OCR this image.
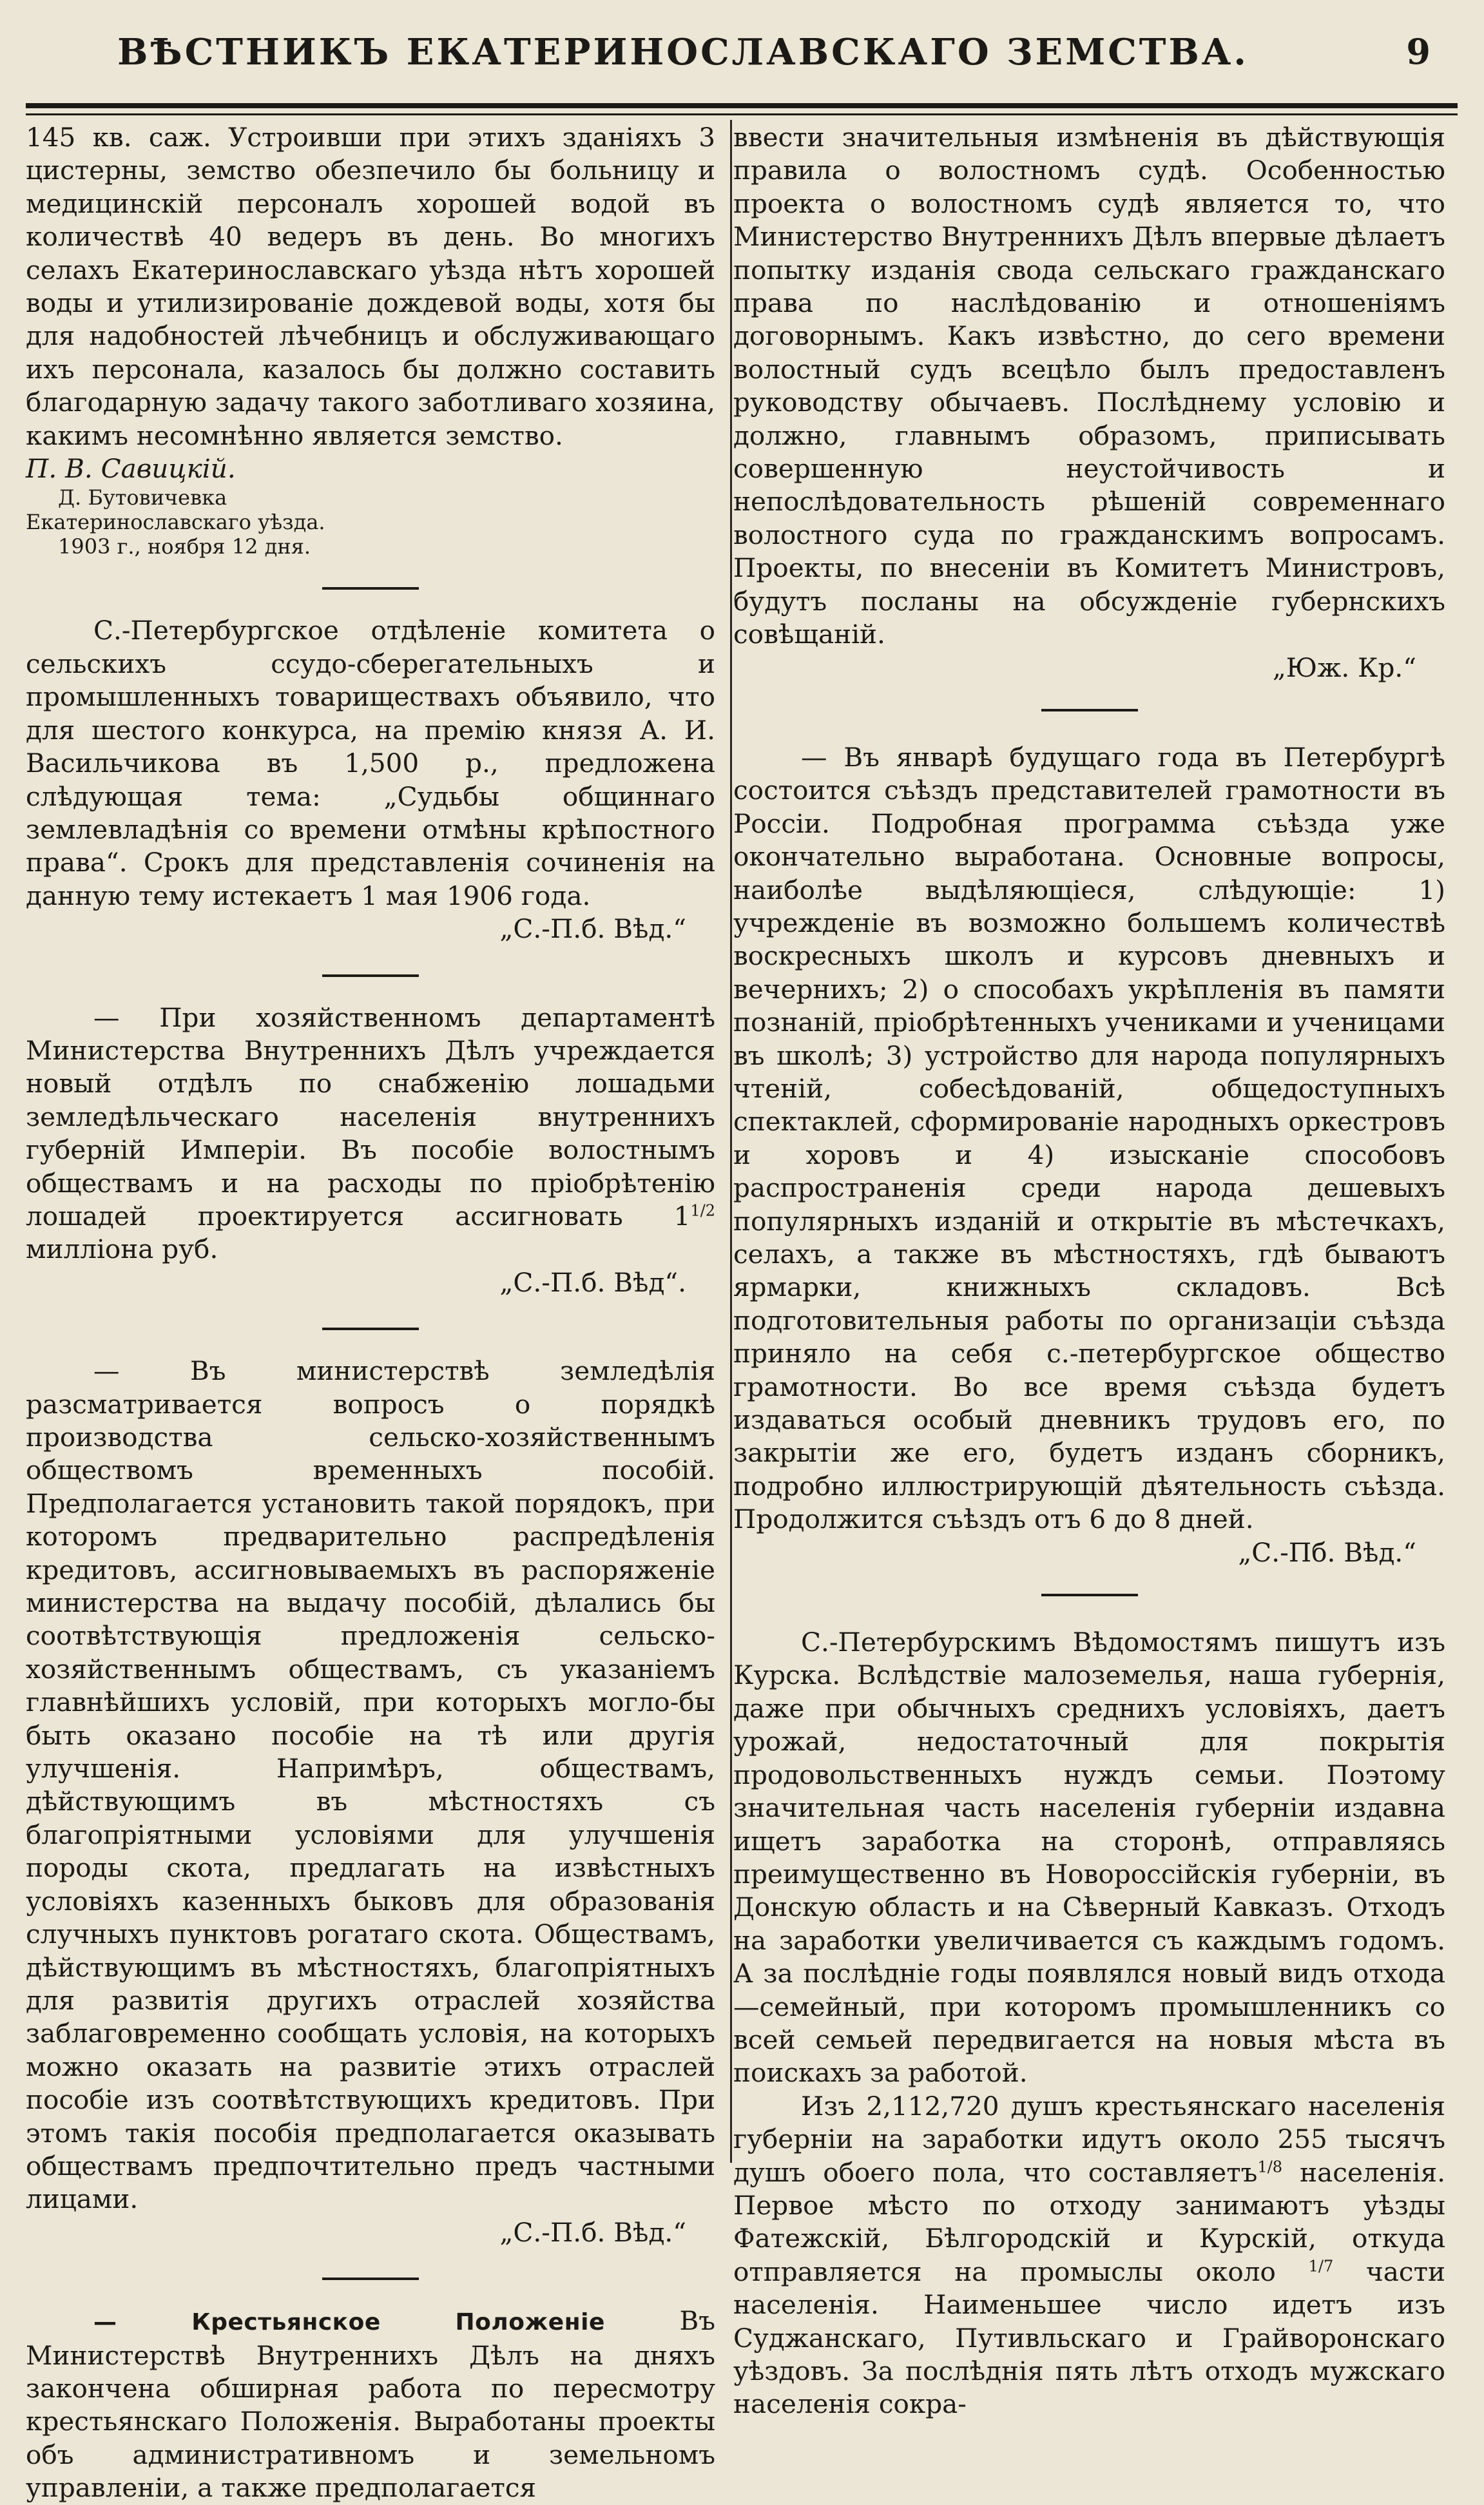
ВѢСТНИКЪ ЕКАТЕРИНОСЛАВСКАГО ЗЕМСТВА.	9

145 кв. саж. Устроивши при этихъ зданіяхъ 3 цистерны, земство обезпечило бы больницу и медицинскій персоналъ хорошей водой въ количествѣ 40 ведеръ въ день. Во многихъ селахъ Екатеринославскаго уѣзда нѣтъ хорошей воды и утилизированіе дождевой воды, хотя бы для надобностей лѣчебницъ и обслуживающаго ихъ персонала, казалось бы должно составить благодарную задачу такого заботливаго хозяина, какимъ несомнѣнно является земство.

П. В. Савицкій.

Д. Бутовичевка

Екатеринославскаго уѣзда.

1903 г., ноября 12 дня.

С.-Петербургское отдѣленіе комитета о сельскихъ ссудо-сберегательныхъ и промышленныхъ товариществахъ объявило, что для шестого конкурса, на премію князя А. И. Васильчикова въ 1,500 р., предложена слѣдующая тема: „Судьбы общиннаго землевладѣнія со времени отмѣны крѣпостного права“. Срокъ для представленія сочиненія на данную тему истекаетъ 1 мая 1906 года.

„С.-П.б. Вѣд.“

— При хозяйственномъ департаментѣ Министерства Внутреннихъ Дѣлъ учреждается новый отдѣлъ по снабженію лошадьми земледѣльческаго населенія внутреннихъ губерній Имперіи. Въ пособіе волостнымъ обществамъ и на расходы по пріобрѣтенію лошадей проектируется ассигновать $1^{1/2}$ милліона руб.

„С.-П.б. Вѣд“.

— Въ министерствѣ земледѣлія разсматривается вопросъ о порядкѣ производства сельско-хозяйственнымъ обществомъ временныхъ пособій. Предполагается установить такой порядокъ, при которомъ предварительно распредѣленія кредитовъ, ассигновываемыхъ въ распоряженіе министерства на выдачу пособій, дѣлались бы соотвѣтствующія предложенія сельско-хозяйственнымъ обществамъ, съ указаніемъ главнѣйшихъ условій, при которыхъ могло-бы быть оказано пособіе на тѣ или другія улучшенія. Напримѣръ, обществамъ, дѣйствующимъ въ мѣстностяхъ съ благопріятными условіями для улучшенія породы скота, предлагать на извѣстныхъ условіяхъ казенныхъ быковъ для образованія случныхъ пунктовъ рогатаго скота. Обществамъ, дѣйствующимъ въ мѣстностяхъ, благопріятныхъ для развитія другихъ отраслей хозяйства заблаговременно сообщать условія, на которыхъ можно оказать на развитіе этихъ отраслей пособіе изъ соотвѣтствующихъ кредитовъ. При этомъ такія пособія предполагается оказывать обществамъ предпочтительно предъ частными лицами.

„С.-П.б. Вѣд.“

— Крестьянское Положеніе Въ Министерствѣ Внутреннихъ Дѣлъ на дняхъ закончена обширная работа по пересмотру крестьянскаго Положенія. Выработаны проекты объ административномъ и земельномъ управленіи, а также предполагается

ввести значительныя измѣненія въ дѣйствующія правила о волостномъ судѣ. Особенностью проекта о волостномъ судѣ является то, что Министерство Внутреннихъ Дѣлъ впервые дѣлаетъ попытку изданія свода сельскаго гражданскаго права по наслѣдованію и отношеніямъ договорнымъ. Какъ извѣстно, до сего времени волостный судъ всецѣло былъ предоставленъ руководству обычаевъ. Послѣднему условію и должно, главнымъ образомъ, приписывать совершенную неустойчивость и непослѣдовательность рѣшеній современнаго волостного суда по гражданскимъ вопросамъ. Проекты, по внесеніи въ Комитетъ Министровъ, будутъ посланы на обсужденіе губернскихъ совѣщаній.

„Юж. Кр.“

— Въ январѣ будущаго года въ Петербургѣ состоится съѣздъ представителей грамотности въ Россіи. Подробная программа съѣзда уже окончательно выработана. Основные вопросы, наиболѣе выдѣляющіеся, слѣдующіе: 1) учрежденіе въ возможно большемъ количествѣ воскресныхъ школъ и курсовъ дневныхъ и вечернихъ; 2) о способахъ укрѣпленія въ памяти познаній, пріобрѣтенныхъ учениками и ученицами въ школѣ; 3) устройство для народа популярныхъ чтеній, собесѣдованій, общедоступныхъ спектаклей, сформированіе народныхъ оркестровъ и хоровъ и 4) изысканіе способовъ распространенія среди народа дешевыхъ популярныхъ изданій и открытіе въ мѣстечкахъ, селахъ, а также въ мѣстностяхъ, гдѣ бываютъ ярмарки, книжныхъ складовъ. Всѣ подготовительныя работы по организаціи съѣзда приняло на себя с.-петербургское общество грамотности. Во все время съѣзда будетъ издаваться особый дневникъ трудовъ его, по закрытіи же его, будетъ изданъ сборникъ, подробно иллюстрирующій дѣятельность съѣзда. Продолжится съѣздъ отъ 6 до 8 дней.

„С.-Пб. Вѣд.“

С.-Петербурскимъ Вѣдомостямъ пишутъ изъ Курска. Вслѣдствіе малоземелья, наша губернія, даже при обычныхъ среднихъ условіяхъ, даетъ урожай, недостаточный для покрытія продовольственныхъ нуждъ семьи. Поэтому значительная часть населенія губерніи издавна ищетъ заработка на сторонѣ, отправляясь преимущественно въ Новороссійскія губерніи, въ Донскую область и на Сѣверный Кавказъ. Отходъ на заработки увеличивается съ каждымъ годомъ. А за послѣдніе годы появлялся новый видъ отхода—семейный, при которомъ промышленникъ со всей семьей передвигается на новыя мѣста въ поискахъ за работой.

Изъ 2,112,720 душъ крестьянскаго населенія губерніи на заработки идутъ около 255 тысячъ душъ обоего пола, что составляетъ$^{1/8}$ населенія. Первое мѣсто по отходу занимаютъ уѣзды Фатежскій, Бѣлгородскій и Курскій, откуда отправляется на промыслы около $^{1/7}$ части населенія. Наименьшее число идетъ изъ Суджанскаго, Путивльскаго и Грайворонскаго уѣздовъ. За послѣднія пять лѣтъ отходъ мужскаго населенія сокра-
